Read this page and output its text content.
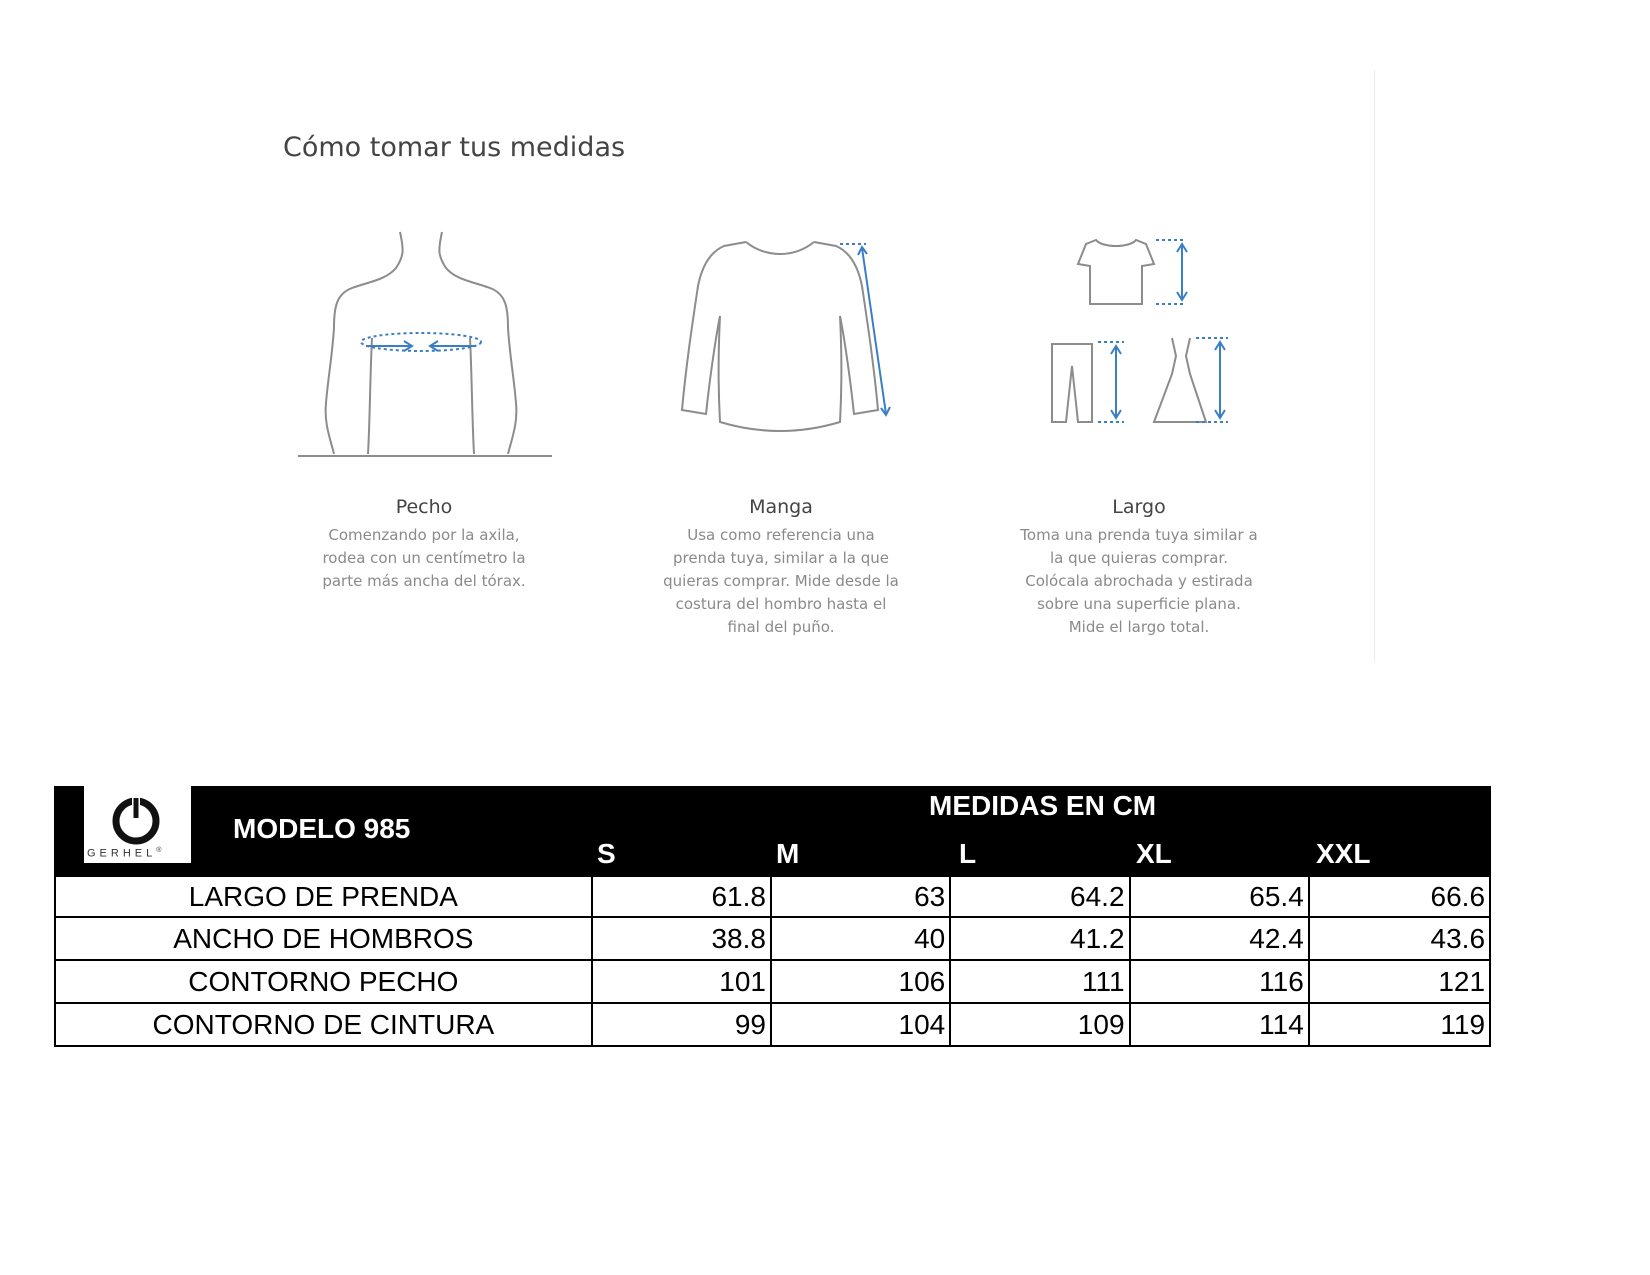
Cómo tomar tus medidas
Pecho
Comenzando por la axila,
rodea con un centímetro la
parte más ancha del tórax.
Manga
Usa como referencia una
prenda tuya, similar a la que
quieras comprar. Mide desde la
costura del hombro hasta el
final del puño.
Largo
Toma una prenda tuya similar a
la que quieras comprar.
Colócala abrochada y estirada
sobre una superficie plana.
Mide el largo total.
GERHEL®
MODELO 985
MEDIDAS EN CM
S	M	L	XL	XXL
LARGO DE PRENDA	61.8	63	64.2	65.4	66.6
ANCHO DE HOMBROS	38.8	40	41.2	42.4	43.6
CONTORNO PECHO	101	106	111	116	121
CONTORNO DE CINTURA	99	104	109	114	119
